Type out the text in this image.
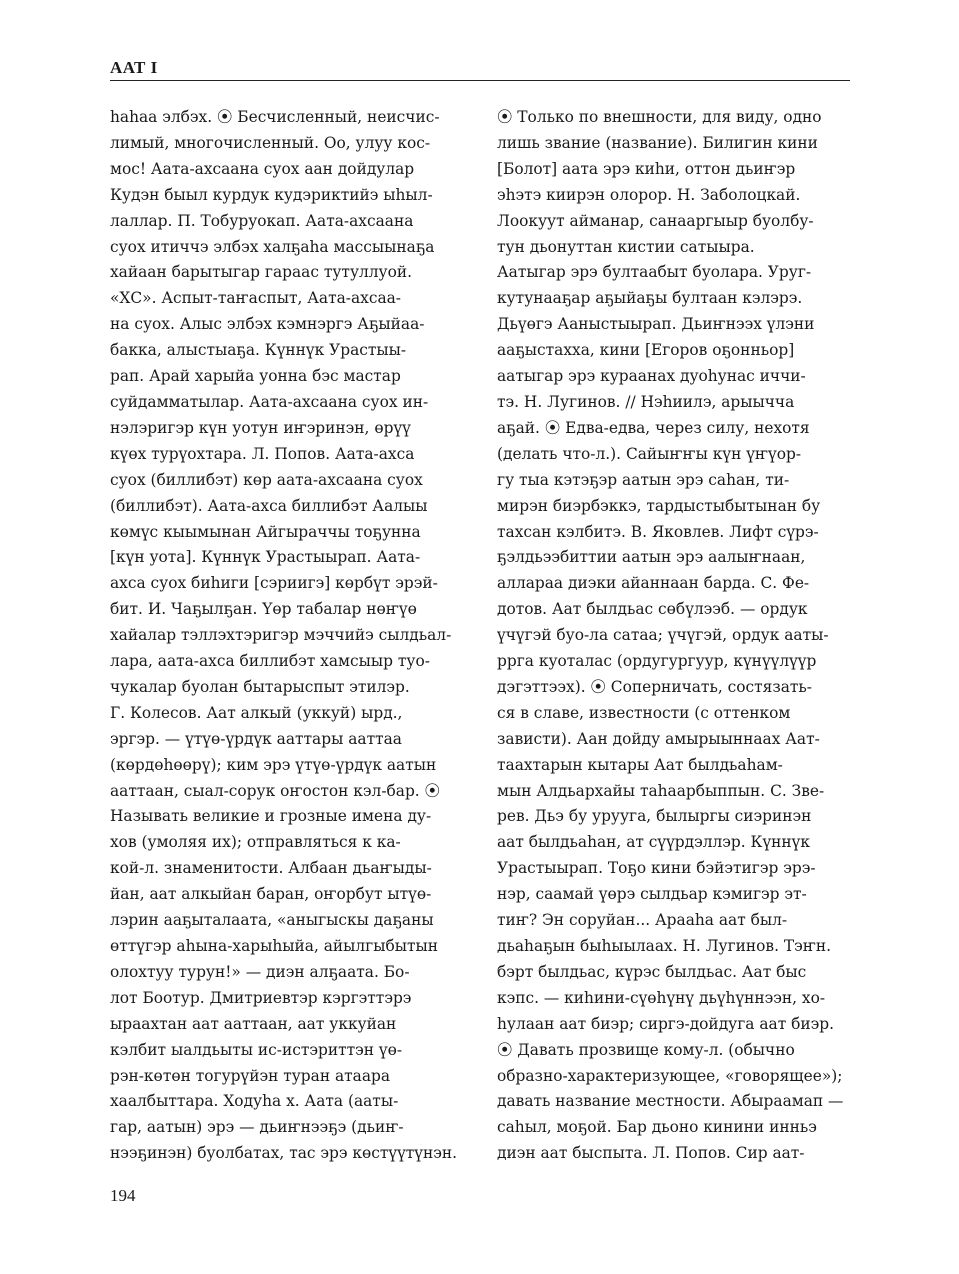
ААТ I
һаһаа элбэх. ⦿ Бесчисленный, неисчис-
лимый, многочисленный. Оо, улуу кос-
мос! Аата-ахсаана суох аан дойдулар
Кудэн быыл курдук кудэриктийэ ыһыл-
лаллар. П. Тобуруокап. Аата-ахсаана
суох итиччэ элбэх халҕаһа массыынаҕа
хайаан барытыгар гараас тутуллуой.
«ХС». Аспыт-таҥаспыт, Аата-ахсаа-
на суох. Алыс элбэх кэмнэргэ Аҕыйаа-
бакка, алыстыаҕа. Күннүк Урастыы-
рап. Арай харыйа уонна бэс мастар
суйдамматылар. Аата-ахсаана суох ин-
нэлэригэр күн уотун иҥэринэн, өрүү
күөх турүохтара. Л. Попов. Аата-ахса
суох (биллибэт) көр аата-ахсаана суох
(биллибэт). Аата-ахса биллибэт Аалыы
көмүс кыымынан Айгыраччы тоҕунна
[күн уота]. Күннүк Урастыырап. Аата-
ахса суох биһиги [сэриигэ] көрбүт эрэй-
бит. И. Чаҕылҕан. Үөр табалар нөҥүө
хайалар тэллэхтэригэр мэччийэ сылдьал-
лара, аата-ахса биллибэт хамсыыр туо-
чукалар буолан бытарыспыт этилэр.
Г. Колесов. Аат алкый (уккуй) ырд.,
эргэр. — үтүө-үрдүк ааттары ааттаа
(көрдөһөөрү); ким эрэ үтүө-үрдүк аатын
ааттаан, сыал-сорук оҥостон кэл-бар. ⦿
Называть великие и грозные имена ду-
хов (умоляя их); отправляться к ка-
кой-л. знаменитости. Албаан дьаҥыды-
йан, аат алкыйан баран, оҥорбут ытүө-
лэрин ааҕыталаата, «аныгыскы даҕаны
өттүгэр аһына-харыһыйа, айылгыбытын
олохтуу турун!» — диэн алҕаата. Бо-
лот Боотур. Дмитриевтэр кэргэттэрэ
ыраахтан аат ааттаан, аат уккуйан
кэлбит ыалдьыты ис-истэриттэн үө-
рэн-көтөн тогурүйэн туран атаара
хаалбыттара. Ходуһа х. Аата (ааты-
гар, аатын) эрэ — дьиҥнээҕэ (дьиҥ-
нээҕинэн) буолбатах, тас эрэ көстүүтүнэн.
⦿ Только по внешности, для виду, одно
лишь звание (название). Билигин кини
[Болот] аата эрэ киһи, оттон дьиҥэр
эһэтэ киирэн олорор. Н. Заболоцкай.
Лоокуут айманар, санааргыыр буолбу-
тун дьонуттан кистии сатыыра.
Аатыгар эрэ бултаабыт буолара. Уруг-
кутунааҕар аҕыйаҕы бултаан кэлэрэ.
Дьүөгэ Ааныстыырап. Дьиҥнээх үлэни
ааҕыстахха, кини [Егоров оҕонньор]
аатыгар эрэ кураанах дуоһунас иччи-
тэ. Н. Лугинов. // Нэһиилэ, арыычча
аҕай. ⦿ Едва-едва, через силу, нехотя
(делать что-л.). Сайыҥҥы күн үҥүор-
гу тыа кэтэҕэр аатын эрэ саһан, ти-
мирэн биэрбэккэ, тардыстыбытынан бу
тахсан кэлбитэ. В. Яковлев. Лифт сүрэ-
ҕэлдьээбиттии аатын эрэ аалыҥнаан,
алларaа диэки айаннаан барда. С. Фе-
дотов. Аат былдьас сөбүлээб. — ордук
үчүгэй буо-ла сатаа; үчүгэй, ордук ааты-
ррга куоталас (ордугургуур, күнүүлүүр
дэгэттээх). ⦿ Соперничать, состязать-
ся в славе, известности (с оттенком
зависти). Аан дойду амырыыннаах Аат-
таахтарын кытары Аат былдьаһам-
мын Алдьархайы таһаарбыппын. С. Зве-
рев. Дьэ бу урууга, былыргы сиэринэн
аат былдьаһан, ат сүүрдэллэр. Күннүк
Урастыырап. Тоҕо кини бэйэтигэр эрэ-
нэр, саамай үөрэ сылдьар кэмигэр эт-
тиҥ? Эн соруйан... Арааһа аат был-
дьаһаҕын быһыылаах. Н. Лугинов. Тэҥн.
бэрт былдьас, күрэс былдьас. Аат быс
кэпс. — киһини-сүөһүнү дьүһүннээн, хо-
һулаан аат биэр; сиргэ-дойдуга аат биэр.
⦿ Давать прозвище кому-л. (обычно
образно-характеризующее, «говорящее»);
давать название местности. Абыраамап —
саһыл, моҕой. Бар дьоно кинини инньэ
диэн аат быспыта. Л. Попов. Сир аат-
194
